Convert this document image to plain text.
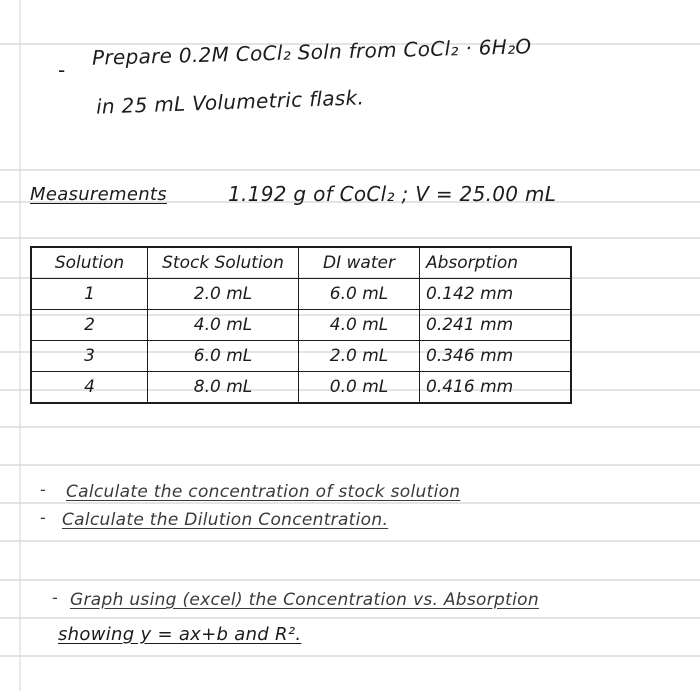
-
Prepare 0.2M CoCl₂ Soln from CoCl₂ · 6H₂O
in 25 mL Volumetric flask.
Measurements	1.192 g of CoCl₂ ; V = 25.00 mL
Solution	Stock Solution	DI water	Absorption
1	2.0 mL	6.0 mL	0.142 mm
2	4.0 mL	4.0 mL	0.241 mm
3	6.0 mL	2.0 mL	0.346 mm
4	8.0 mL	0.0 mL	0.416 mm
- Calculate the concentration of stock solution
- Calculate the Dilution Concentration.
- Graph using (excel) the Concentration vs. Absorption
showing y = ax+b and R².
